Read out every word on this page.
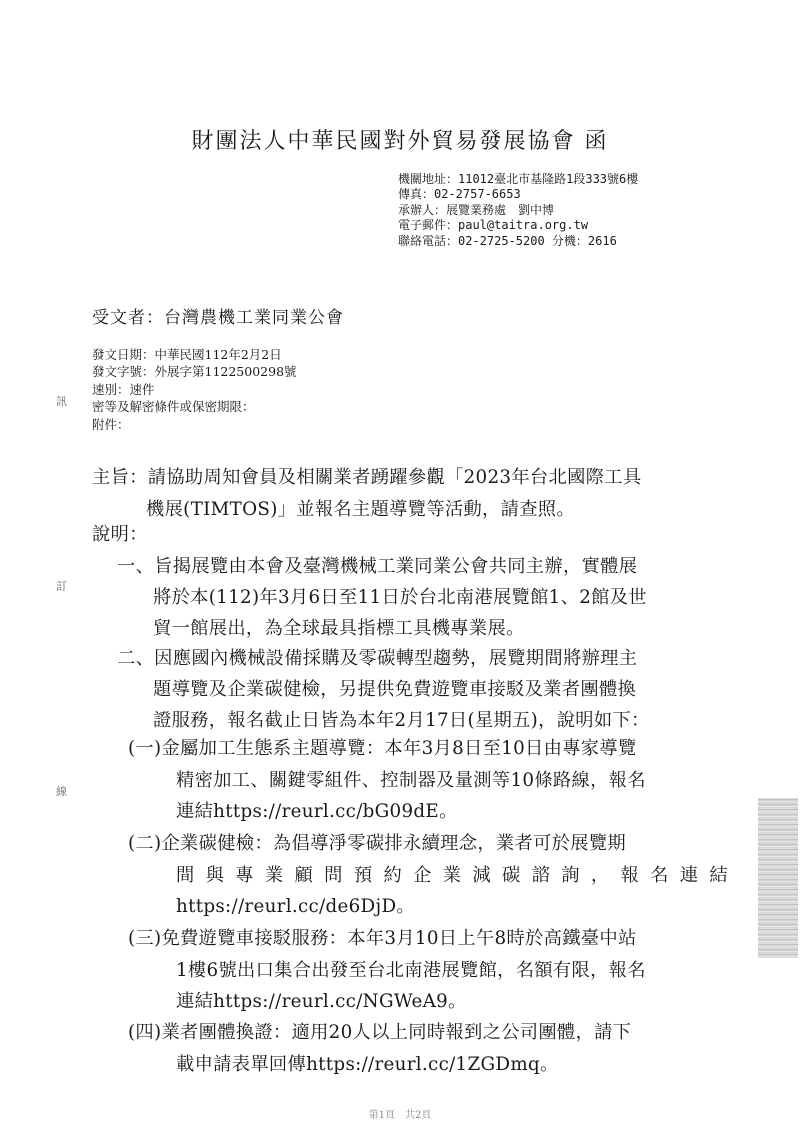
財團法人中華民國對外貿易發展協會 函
機關地址：11012臺北市基隆路1段333號6樓
傳真：02-2757-6653
承辦人：展覽業務處　劉中博
電子郵件：paul@taitra.org.tw
聯絡電話：02-2725-5200 分機：2616
受文者：台灣農機工業同業公會
發文日期：中華民國112年2月2日
發文字號：外展字第1122500298號
速別：速件
密等及解密條件或保密期限：
附件：
訊
訂
線
主旨：請協助周知會員及相關業者踴躍參觀「2023年台北國際工具
機展(TIMTOS)」並報名主題導覽等活動，請查照。
說明：
一、旨揭展覽由本會及臺灣機械工業同業公會共同主辦，實體展
將於本(112)年3月6日至11日於台北南港展覽館1、2館及世
貿一館展出，為全球最具指標工具機專業展。
二、因應國內機械設備採購及零碳轉型趨勢，展覽期間將辦理主
題導覽及企業碳健檢，另提供免費遊覽車接駁及業者團體換
證服務，報名截止日皆為本年2月17日(星期五)，說明如下：
(一)金屬加工生態系主題導覽：本年3月8日至10日由專家導覽
精密加工、關鍵零組件、控制器及量測等10條路線，報名
連結https://reurl.cc/bG09dE。
(二)企業碳健檢：為倡導淨零碳排永續理念，業者可於展覽期
間與專業顧問預約企業減碳諮詢，報名連結
https://reurl.cc/de6DjD。
(三)免費遊覽車接駁服務：本年3月10日上午8時於高鐵臺中站
1樓6號出口集合出發至台北南港展覽館，名額有限，報名
連結https://reurl.cc/NGWeA9。
(四)業者團體換證：適用20人以上同時報到之公司團體，請下
載申請表單回傳https://reurl.cc/1ZGDmq。
第1頁　共2頁
